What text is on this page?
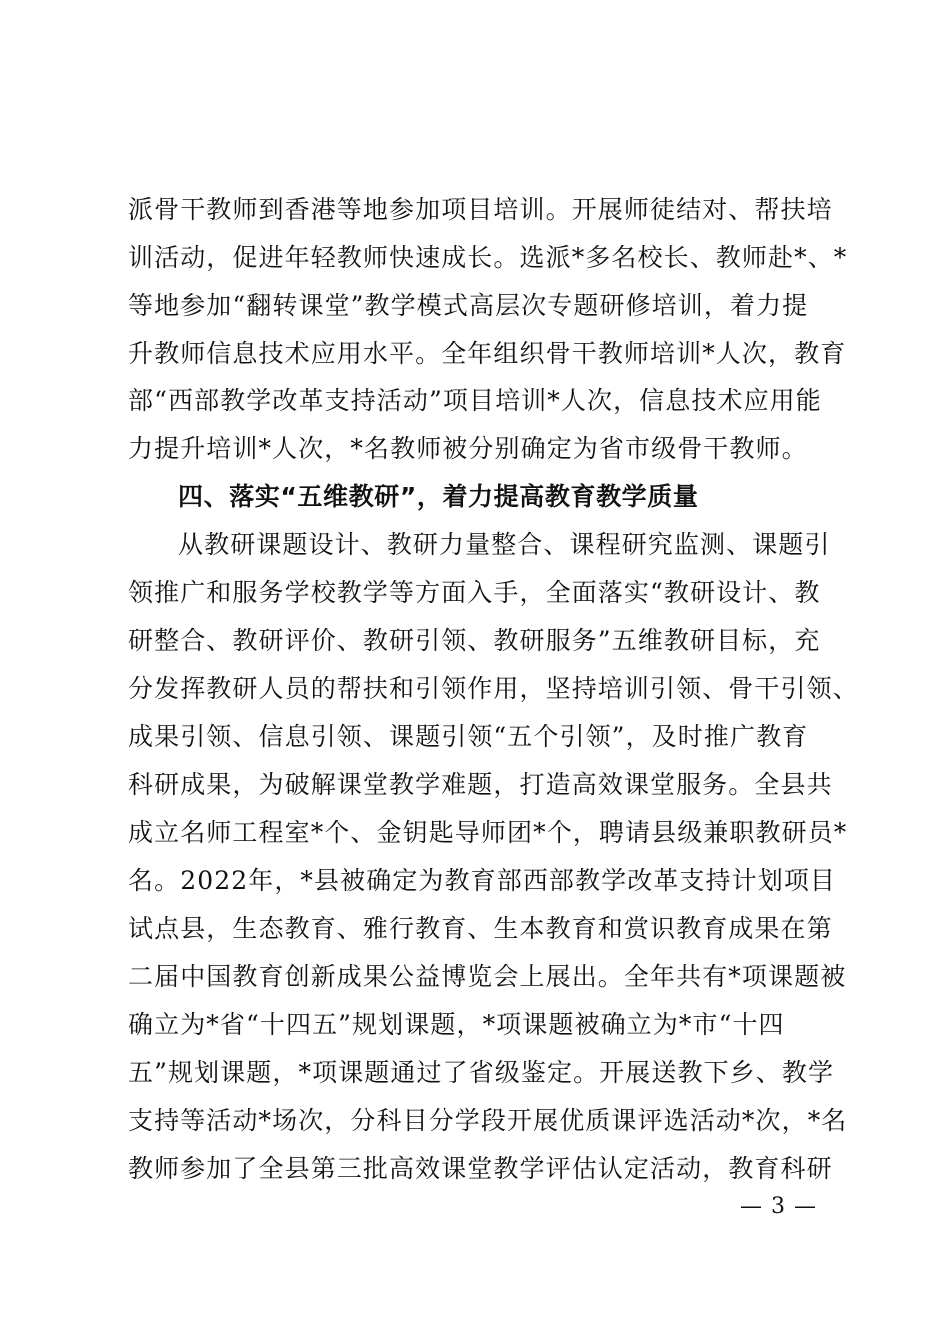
派骨干教师到香港等地参加项目培训。开展师徒结对、帮扶培
训活动，促进年轻教师快速成长。选派*多名校长、教师赴*、*
等地参加“翻转课堂”教学模式高层次专题研修培训，着力提
升教师信息技术应用水平。全年组织骨干教师培训*人次，教育
部“西部教学改革支持活动”项目培训*人次，信息技术应用能
力提升培训*人次，*名教师被分别确定为省市级骨干教师。
四、落实“五维教研”，着力提高教育教学质量
从教研课题设计、教研力量整合、课程研究监测、课题引
领推广和服务学校教学等方面入手，全面落实“教研设计、教
研整合、教研评价、教研引领、教研服务”五维教研目标，充
分发挥教研人员的帮扶和引领作用，坚持培训引领、骨干引领、
成果引领、信息引领、课题引领“五个引领”，及时推广教育
科研成果，为破解课堂教学难题，打造高效课堂服务。全县共
成立名师工程室*个、金钥匙导师团*个，聘请县级兼职教研员*
名。2022年，*县被确定为教育部西部教学改革支持计划项目
试点县，生态教育、雅行教育、生本教育和赏识教育成果在第
二届中国教育创新成果公益博览会上展出。全年共有*项课题被
确立为*省“十四五”规划课题，*项课题被确立为*市“十四
五”规划课题，*项课题通过了省级鉴定。开展送教下乡、教学
支持等活动*场次，分科目分学段开展优质课评选活动*次，*名
教师参加了全县第三批高效课堂教学评估认定活动，教育科研
— 3 —
